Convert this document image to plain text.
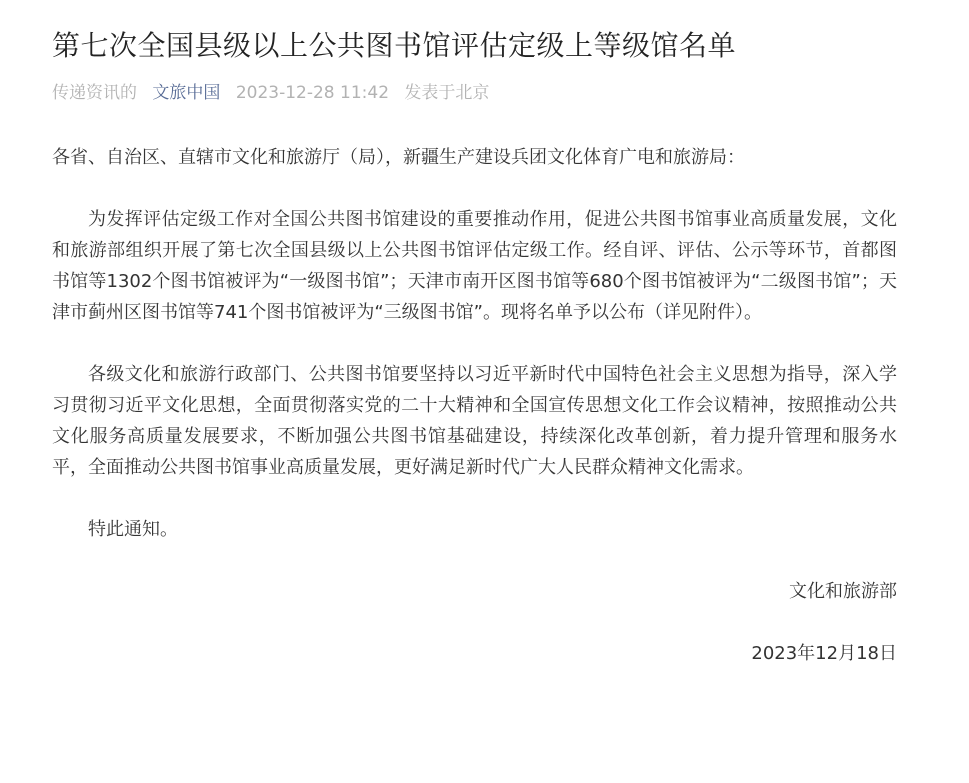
第七次全国县级以上公共图书馆评估定级上等级馆名单
传递资讯的 文旅中国 2023-12-28 11:42 发表于北京

各省、自治区、直辖市文化和旅游厅（局），新疆生产建设兵团文化体育广电和旅游局：

为发挥评估定级工作对全国公共图书馆建设的重要推动作用，促进公共图书馆事业高质量发展，文化和旅游部组织开展了第七次全国县级以上公共图书馆评估定级工作。经自评、评估、公示等环节，首都图书馆等1302个图书馆被评为“一级图书馆”；天津市南开区图书馆等680个图书馆被评为“二级图书馆”；天津市蓟州区图书馆等741个图书馆被评为“三级图书馆”。现将名单予以公布（详见附件）。

各级文化和旅游行政部门、公共图书馆要坚持以习近平新时代中国特色社会主义思想为指导，深入学习贯彻习近平文化思想，全面贯彻落实党的二十大精神和全国宣传思想文化工作会议精神，按照推动公共文化服务高质量发展要求，不断加强公共图书馆基础建设，持续深化改革创新，着力提升管理和服务水平，全面推动公共图书馆事业高质量发展，更好满足新时代广大人民群众精神文化需求。

特此通知。

文化和旅游部

2023年12月18日
